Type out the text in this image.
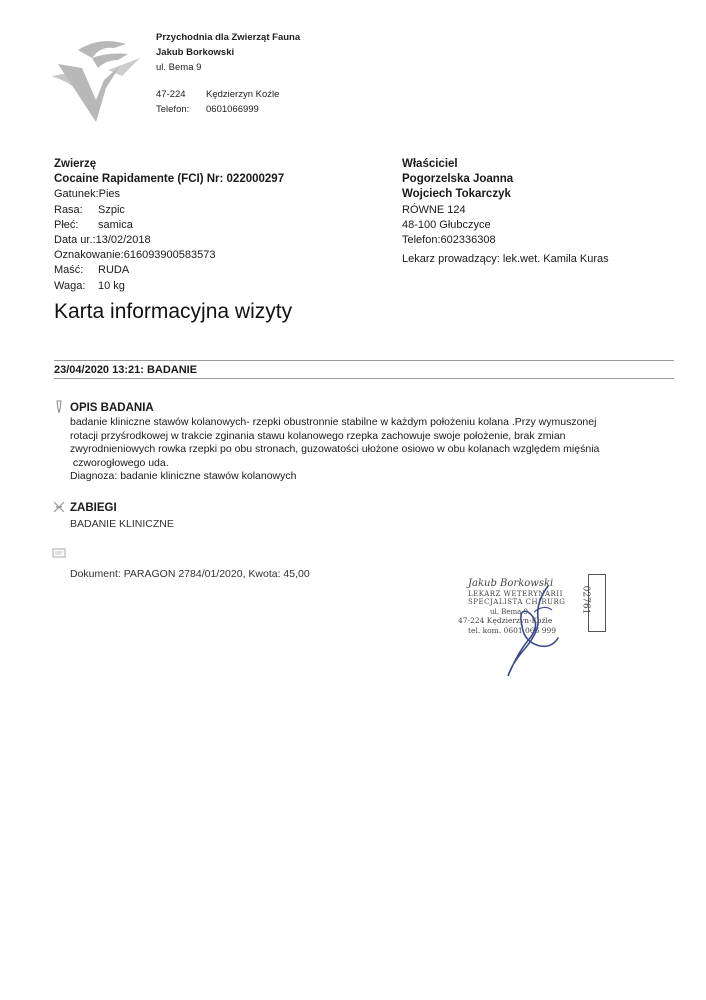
Przychodnia dla Zwierząt Fauna
Jakub Borkowski
ul. Bema 9
47-224 Kędzierzyn Koźle
Telefon: 0601066999
Zwierzę
Cocaine Rapidamente (FCI) Nr: 022000297
Gatunek:Pies
Rasa: Szpic
Płeć: samica
Data ur.:13/02/2018
Oznakowanie:616093900583573
Maść: RUDA
Waga: 10 kg
Właściciel
Pogorzelska Joanna
Wojciech Tokarczyk
RÓWNE 124
48-100 Głubczyce
Telefon:602336308
Lekarz prowadzący: lek.wet. Kamila Kuras
Karta informacyjna wizyty
23/04/2020 13:21: BADANIE
OPIS BADANIA
badanie kliniczne stawów kolanowych- rzepki obustronnie stabilne w każdym położeniu kolana .Przy wymuszonej
rotacji przyśrodkowej w trakcie zginania stawu kolanowego rzepka zachowuje swoje położenie, brak zmian
zwyrodnieniowych rowka rzepki po obu stronach, guzowatości ułożone osiowo w obu kolanach względem mięśnia
czworogłowego uda.
Diagnoza: badanie kliniczne stawów kolanowych
ZABIEGI
BADANIE KLINICZNE
Dokument: PARAGON 2784/01/2020, Kwota: 45,00
Jakub Borkowski
LEKARZ WETERYNARII
SPECJALISTA CHIRURG
ul. Bema 9
47-224 Kędzierzyn-Koźle
tel. kom. 0601 066 999
02761
